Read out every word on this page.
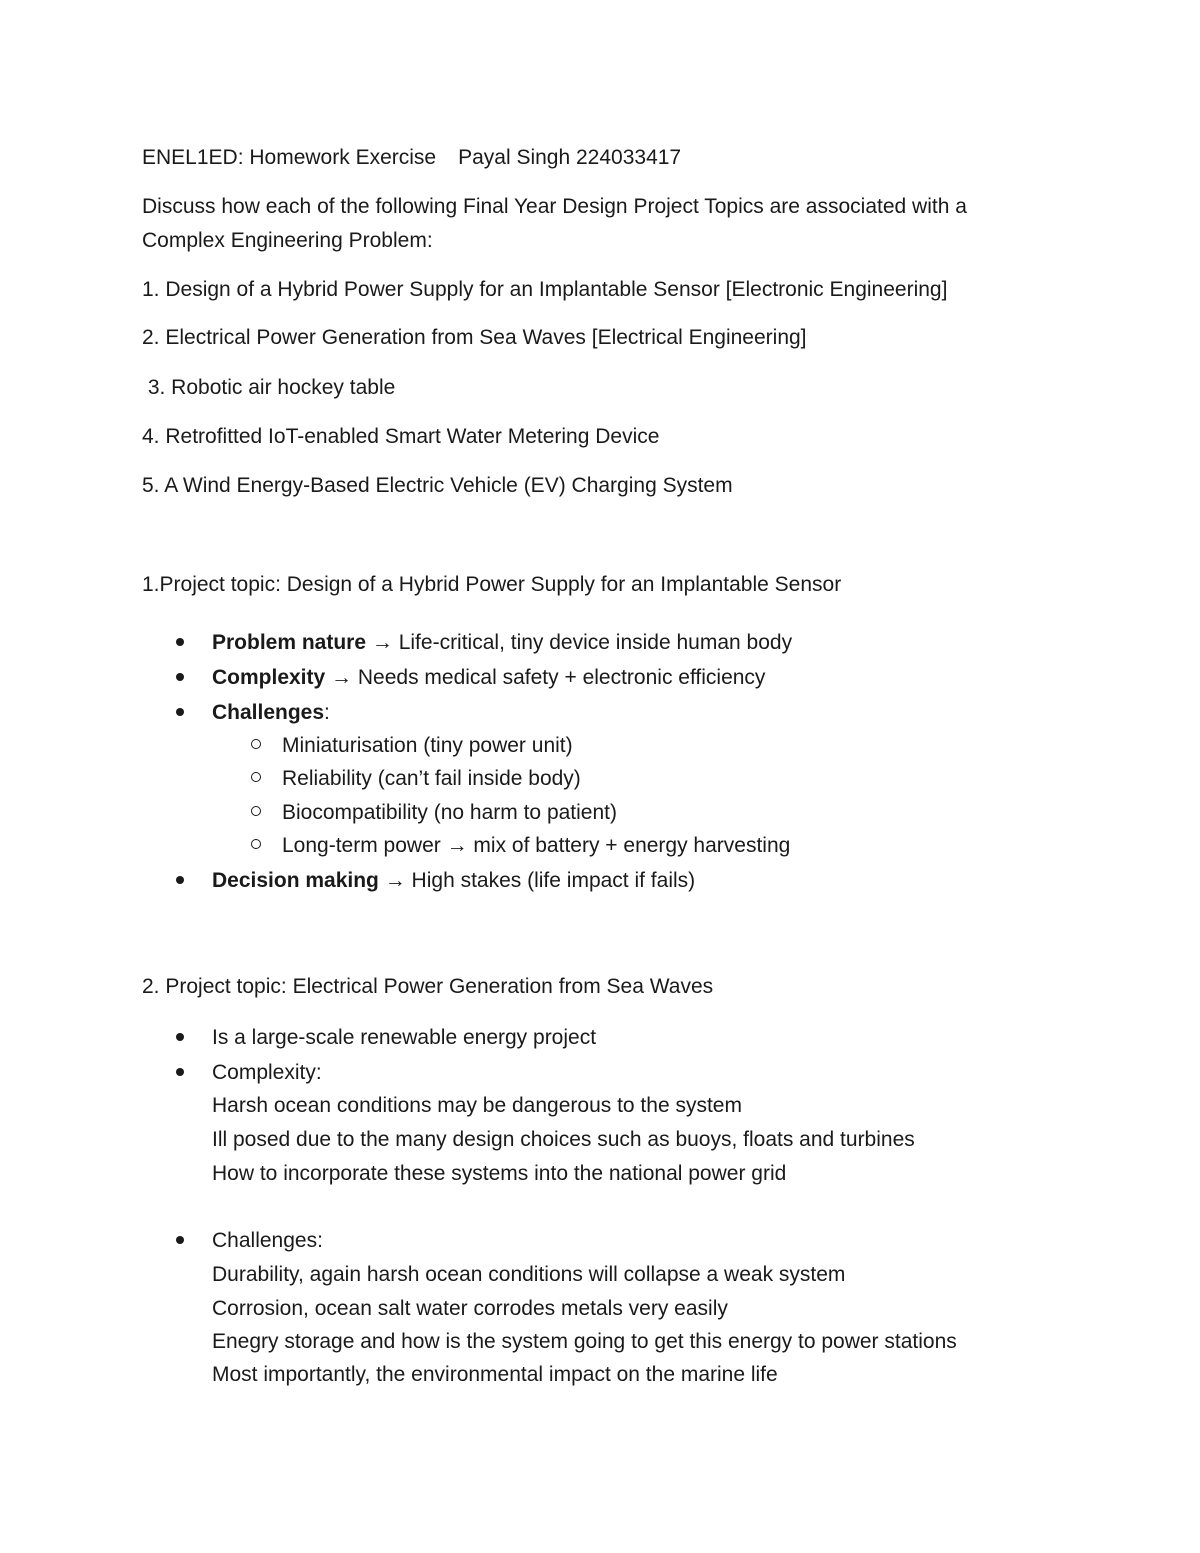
ENEL1ED: Homework Exercise Payal Singh 224033417
Discuss how each of the following Final Year Design Project Topics are associated with a
Complex Engineering Problem:
1. Design of a Hybrid Power Supply for an Implantable Sensor [Electronic Engineering]
2. Electrical Power Generation from Sea Waves [Electrical Engineering]
3. Robotic air hockey table
4. Retrofitted IoT-enabled Smart Water Metering Device
5. A Wind Energy-Based Electric Vehicle (EV) Charging System
1.Project topic: Design of a Hybrid Power Supply for an Implantable Sensor
Problem nature → Life-critical, tiny device inside human body
Complexity → Needs medical safety + electronic efficiency
Challenges:
Miniaturisation (tiny power unit)
Reliability (can’t fail inside body)
Biocompatibility (no harm to patient)
Long-term power → mix of battery + energy harvesting
Decision making → High stakes (life impact if fails)
2. Project topic: Electrical Power Generation from Sea Waves
Is a large-scale renewable energy project
Complexity:
Harsh ocean conditions may be dangerous to the system
Ill posed due to the many design choices such as buoys, floats and turbines
How to incorporate these systems into the national power grid
Challenges:
Durability, again harsh ocean conditions will collapse a weak system
Corrosion, ocean salt water corrodes metals very easily
Enegry storage and how is the system going to get this energy to power stations
Most importantly, the environmental impact on the marine life
